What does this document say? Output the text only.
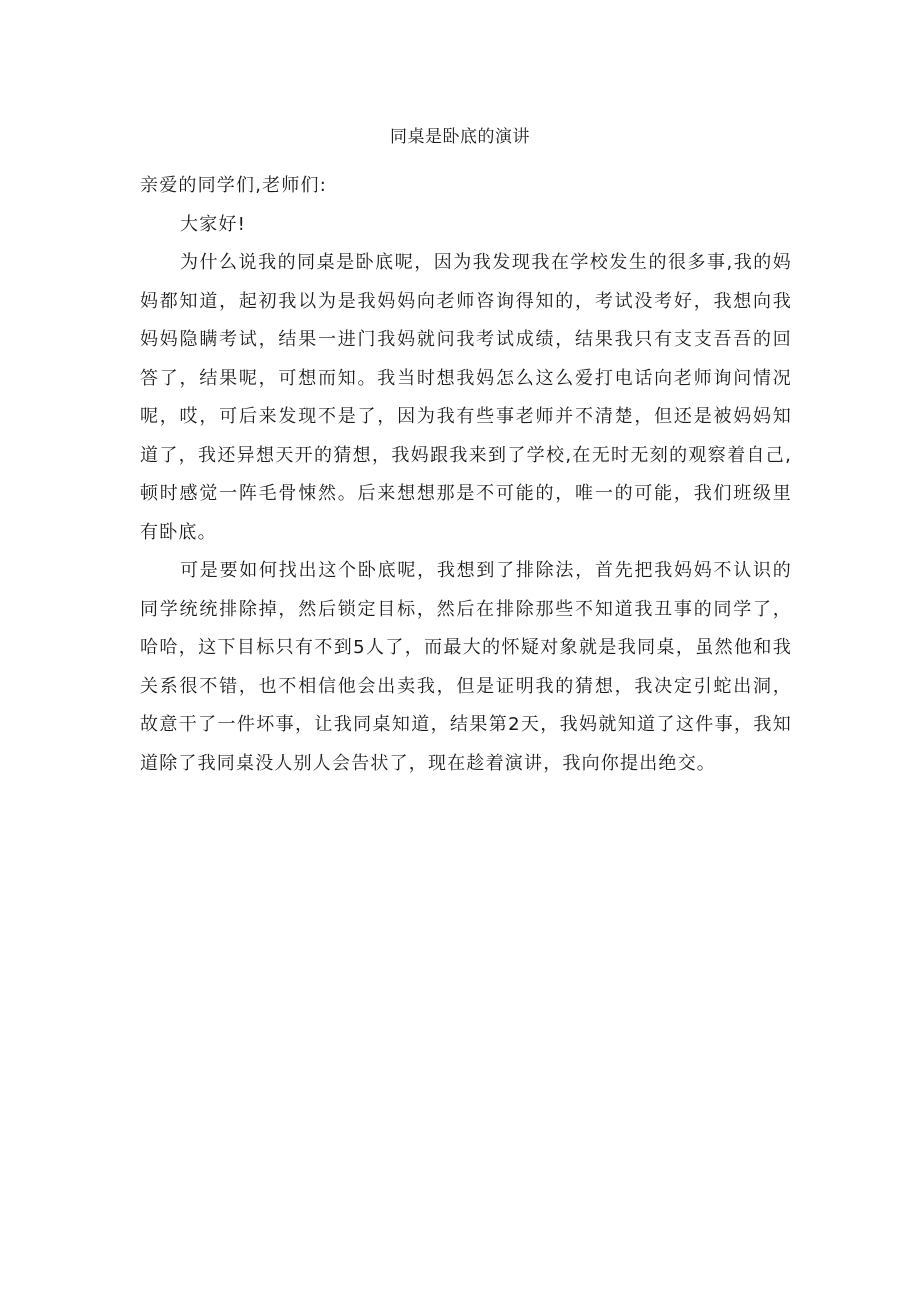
同桌是卧底的演讲

亲爱的同学们,老师们:

大家好!

为什么说我的同桌是卧底呢，因为我发现我在学校发生的很多事,我的妈妈都知道，起初我以为是我妈妈向老师咨询得知的，考试没考好，我想向我妈妈隐瞒考试，结果一进门我妈就问我考试成绩，结果我只有支支吾吾的回答了，结果呢，可想而知。我当时想我妈怎么这么爱打电话向老师询问情况呢，哎，可后来发现不是了，因为我有些事老师并不清楚，但还是被妈妈知道了，我还异想天开的猜想，我妈跟我来到了学校,在无时无刻的观察着自己,顿时感觉一阵毛骨悚然。后来想想那是不可能的，唯一的可能，我们班级里有卧底。

可是要如何找出这个卧底呢，我想到了排除法，首先把我妈妈不认识的同学统统排除掉，然后锁定目标，然后在排除那些不知道我丑事的同学了，哈哈，这下目标只有不到5人了，而最大的怀疑对象就是我同桌，虽然他和我关系很不错，也不相信他会出卖我，但是证明我的猜想，我决定引蛇出洞，故意干了一件坏事，让我同桌知道，结果第2天，我妈就知道了这件事，我知道除了我同桌没人别人会告状了，现在趁着演讲，我向你提出绝交。
